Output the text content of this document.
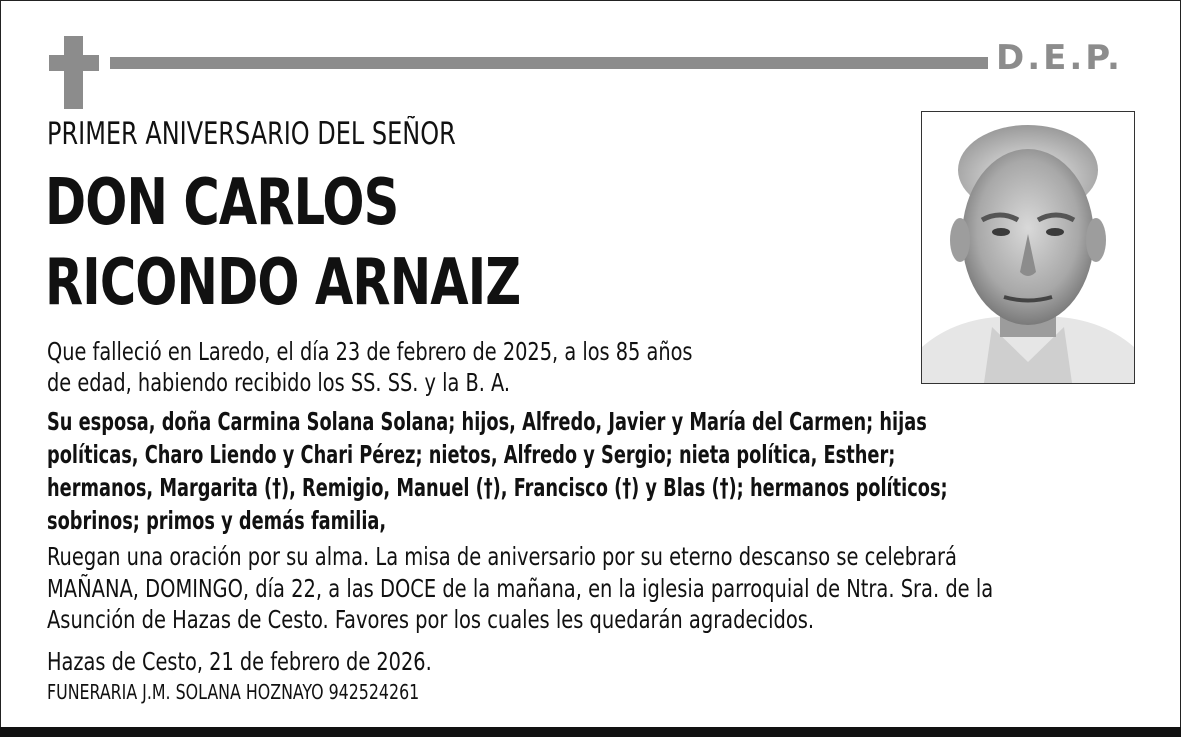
D.E.P.
PRIMER ANIVERSARIO DEL SEÑOR
DON CARLOS
RICONDO ARNAIZ
Que falleció en Laredo, el día 23 de febrero de 2025, a los 85 años
de edad, habiendo recibido los SS. SS. y la B. A.
Su esposa, doña Carmina Solana Solana; hijos, Alfredo, Javier y María del Carmen; hijas
políticas, Charo Liendo y Chari Pérez; nietos, Alfredo y Sergio; nieta política, Esther;
hermanos, Margarita (†), Remigio, Manuel (†), Francisco (†) y Blas (†); hermanos políticos;
sobrinos; primos y demás familia,
Ruegan una oración por su alma. La misa de aniversario por su eterno descanso se celebrará
MAÑANA, DOMINGO, día 22, a las DOCE de la mañana, en la iglesia parroquial de Ntra. Sra. de la
Asunción de Hazas de Cesto. Favores por los cuales les quedarán agradecidos.
Hazas de Cesto, 21 de febrero de 2026.
FUNERARIA J.M. SOLANA HOZNAYO 942524261
